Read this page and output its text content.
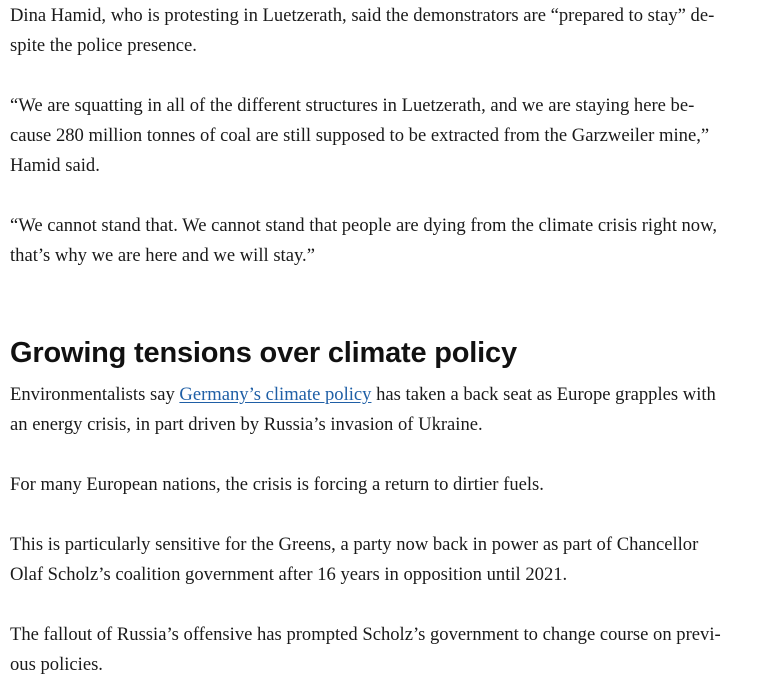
Dina Hamid, who is protesting in Luetzerath, said the demonstrators are “prepared to stay” de-
spite the police presence.

“We are squatting in all of the different structures in Luetzerath, and we are staying here be-
cause 280 million tonnes of coal are still supposed to be extracted from the Garzweiler mine,”
Hamid said.

“We cannot stand that. We cannot stand that people are dying from the climate crisis right now,
that’s why we are here and we will stay.”

Growing tensions over climate policy

Environmentalists say Germany’s climate policy has taken a back seat as Europe grapples with
an energy crisis, in part driven by Russia’s invasion of Ukraine.

For many European nations, the crisis is forcing a return to dirtier fuels.

This is particularly sensitive for the Greens, a party now back in power as part of Chancellor
Olaf Scholz’s coalition government after 16 years in opposition until 2021.

The fallout of Russia’s offensive has prompted Scholz’s government to change course on previ-
ous policies.
